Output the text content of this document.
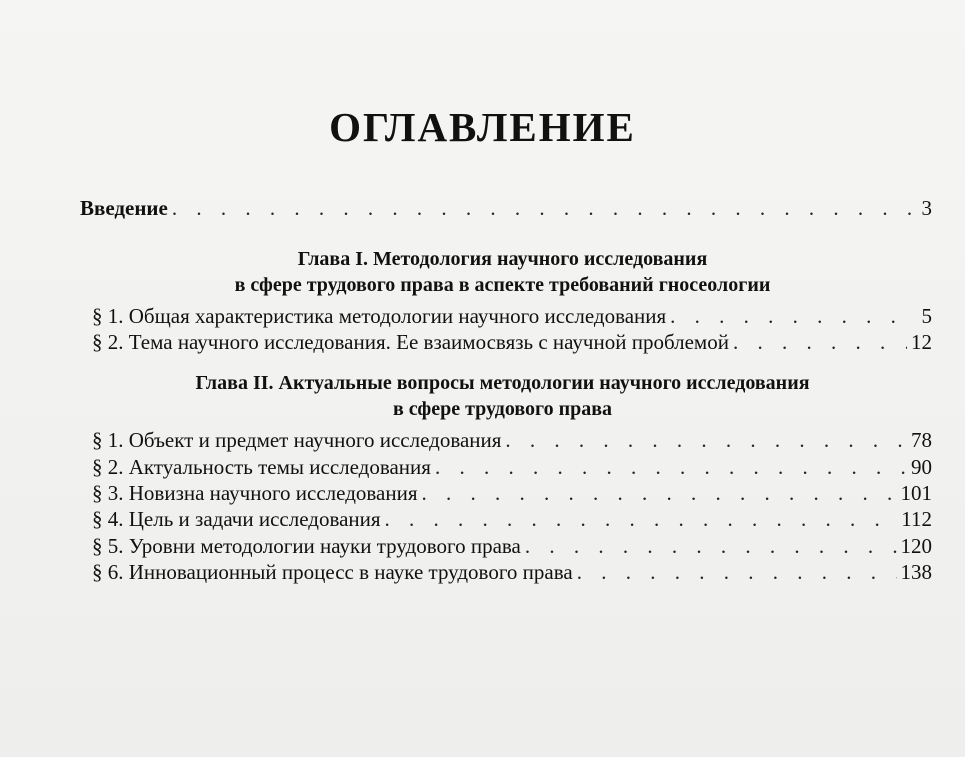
ОГЛАВЛЕНИЕ
Введение . . .	3
Глава I. Методология научного исследования
в сфере трудового права в аспекте требований гносеологии
§ 1. Общая характеристика методологии научного исследования . . .	5
§ 2. Тема научного исследования. Ее взаимосвязь с научной проблемой . . .	12
Глава II. Актуальные вопросы методологии научного исследования
в сфере трудового права
§ 1. Объект и предмет научного исследования . . .	78
§ 2. Актуальность темы исследования . . .	90
§ 3. Новизна научного исследования . . .	101
§ 4. Цель и задачи исследования . . .	112
§ 5. Уровни методологии науки трудового права . . .	120
§ 6. Инновационный процесс в науке трудового права . . .	138
